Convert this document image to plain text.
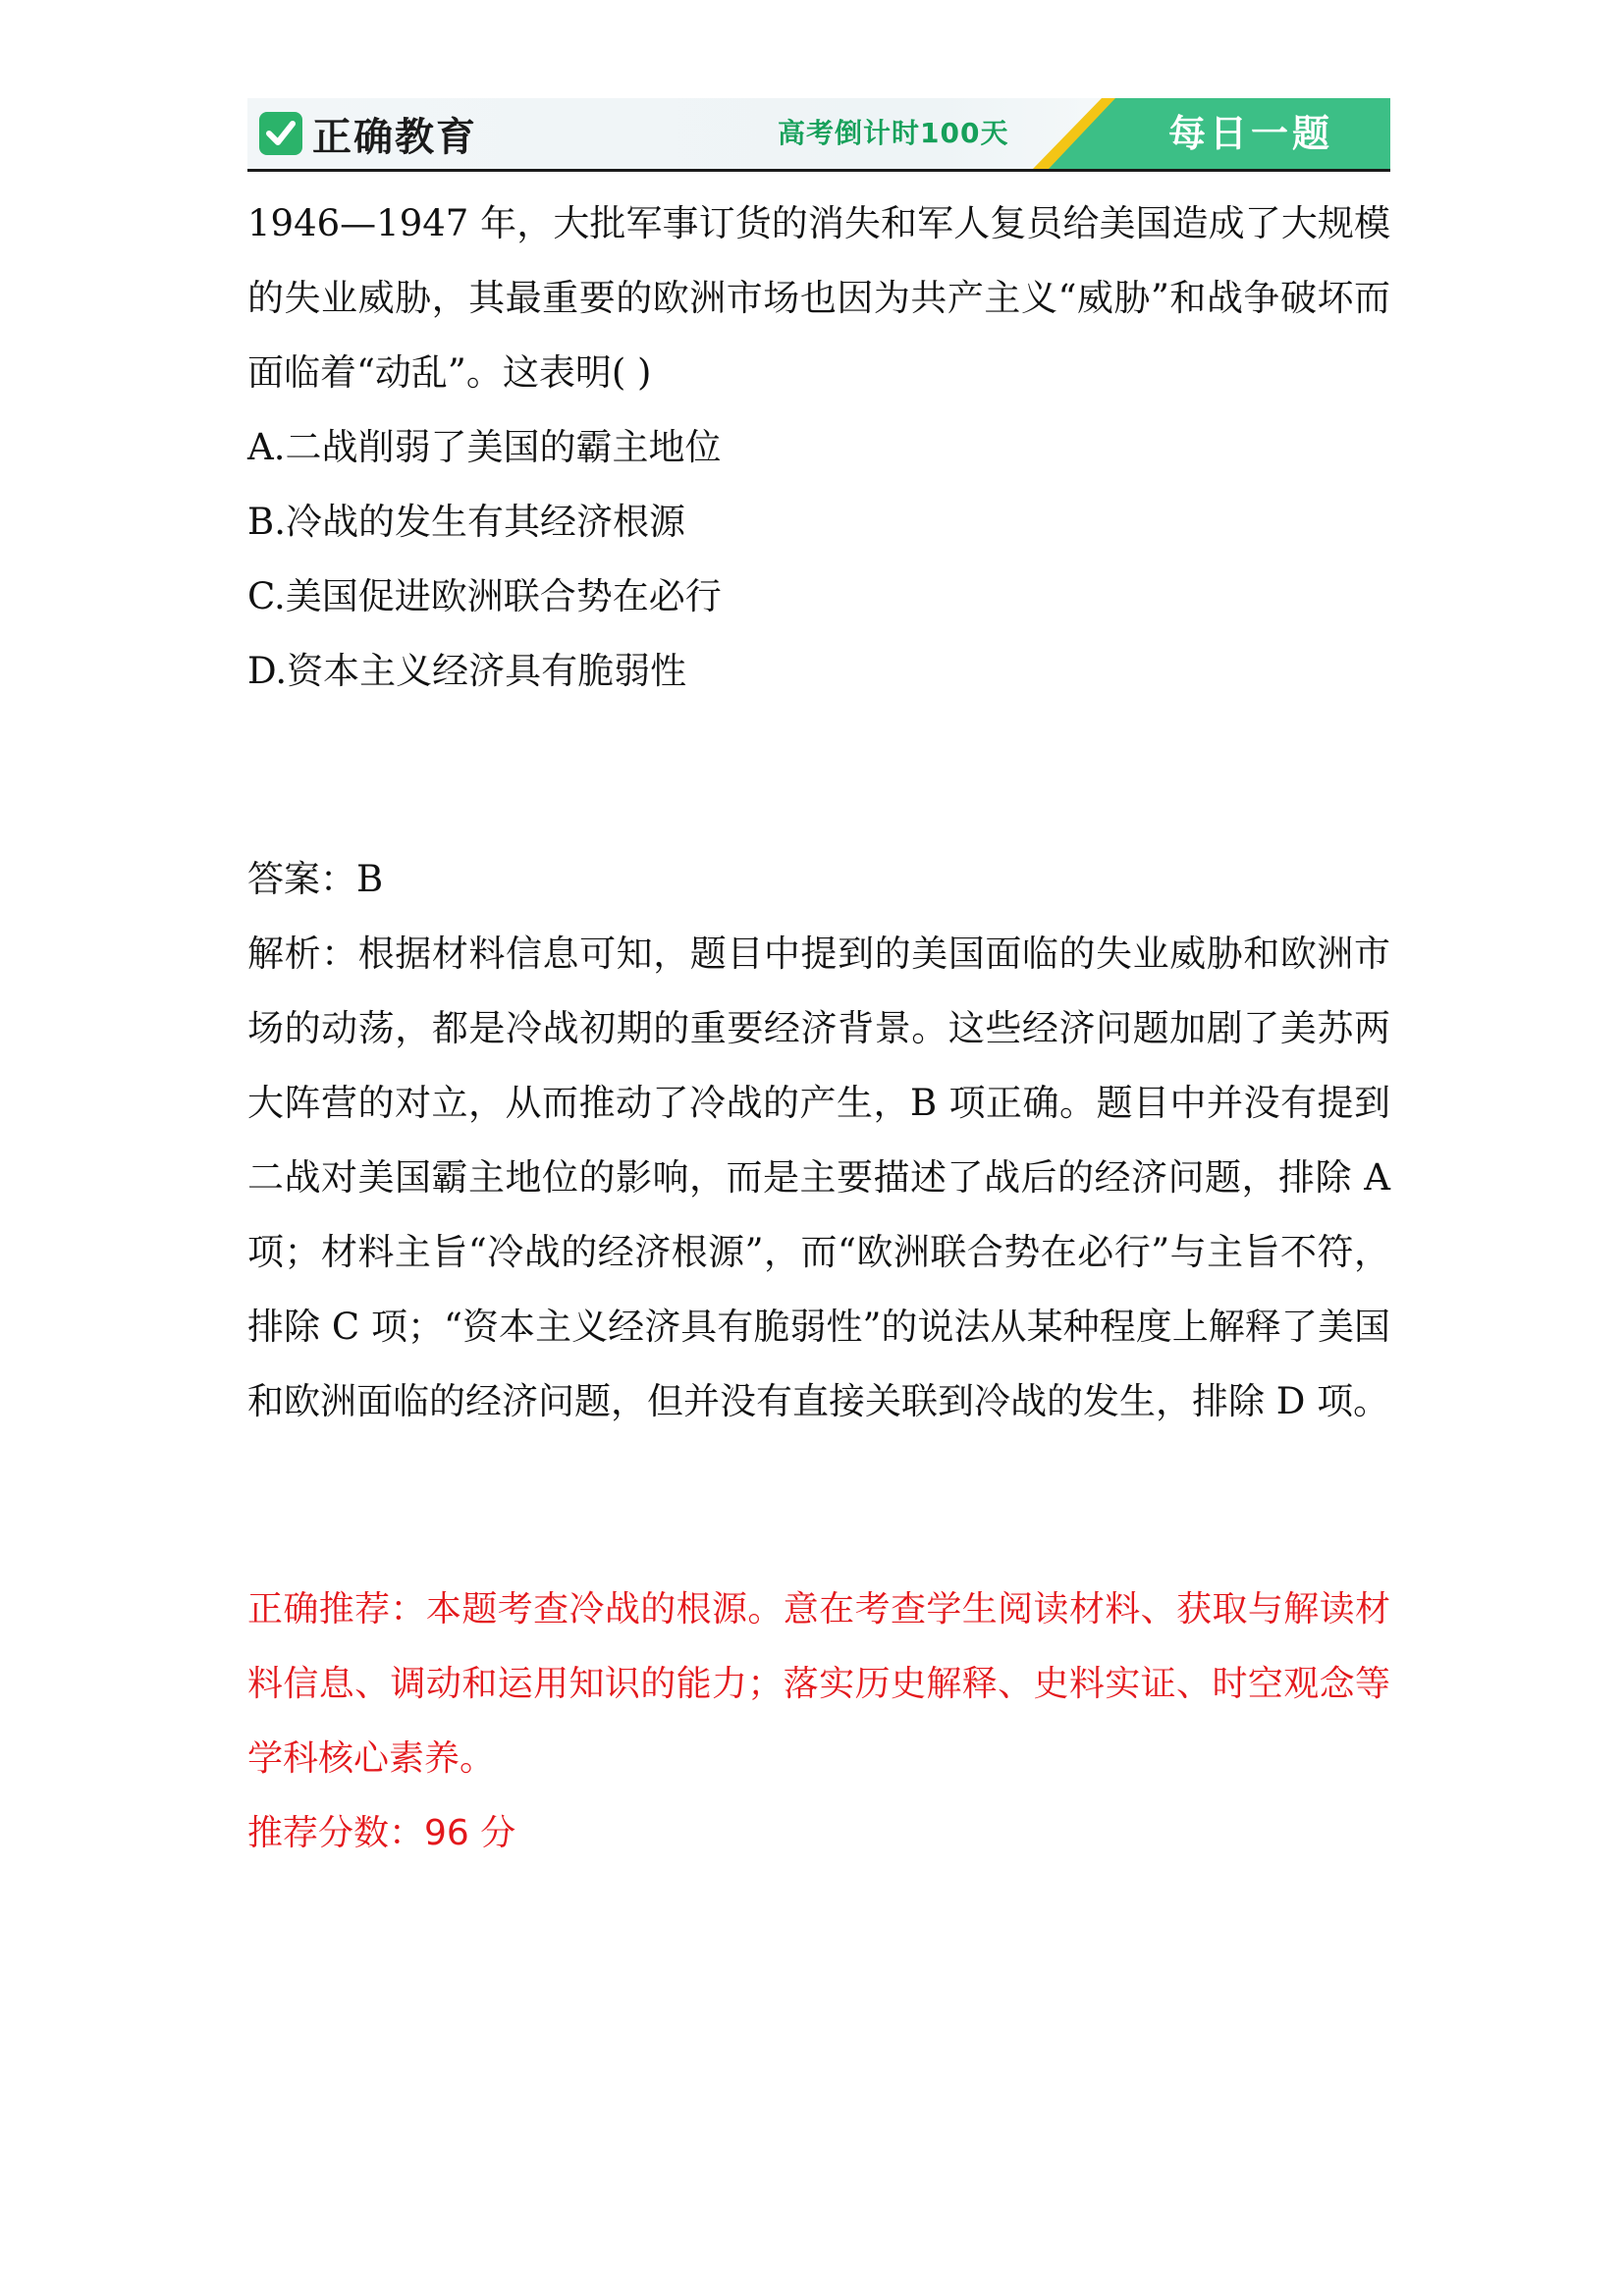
正确教育	高考倒计时100天	每日一题

1946—1947 年，大批军事订货的消失和军人复员给美国造成了大规模的失业威胁，其最重要的欧洲市场也因为共产主义“威胁”和战争破坏而面临着“动乱”。这表明( )

A.二战削弱了美国的霸主地位

B.冷战的发生有其经济根源

C.美国促进欧洲联合势在必行

D.资本主义经济具有脆弱性

答案：B

解析：根据材料信息可知，题目中提到的美国面临的失业威胁和欧洲市场的动荡，都是冷战初期的重要经济背景。这些经济问题加剧了美苏两大阵营的对立，从而推动了冷战的产生，B 项正确。题目中并没有提到二战对美国霸主地位的影响，而是主要描述了战后的经济问题，排除 A 项；材料主旨“冷战的经济根源”，而“欧洲联合势在必行”与主旨不符，排除 C 项；“资本主义经济具有脆弱性”的说法从某种程度上解释了美国和欧洲面临的经济问题，但并没有直接关联到冷战的发生，排除 D 项。

正确推荐：本题考查冷战的根源。意在考查学生阅读材料、获取与解读材料信息、调动和运用知识的能力；落实历史解释、史料实证、时空观念等学科核心素养。

推荐分数：96 分
